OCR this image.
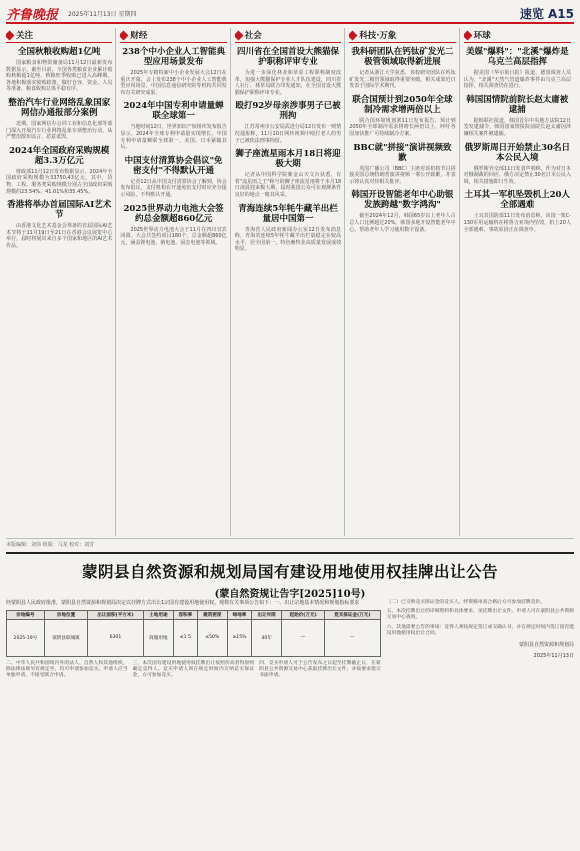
齐鲁晚报 2025年11月13日 星期四	速览 A15
关注
全国秋粮收购超1亿吨
国家粮食和物资储备局11月12日最新发布数据显示，截至目前，全国各类粮食企业累计收购秋粮超1亿吨，秋粮旺季收购已进入高峰期。各地积极落实收购政策，做好仓容、资金、人员等准备，粮食收购总体平稳有序。
整治汽车行业网络乱象国家网信办通报部分案例
近期，国家网信办会同工业和信息化部等部门深入开展汽车行业网络乱象专项整治行动，从严整治散布谣言、恶意诋毁、
2024年全国政府采购规模超3.3万亿元
财政部11月12日发布数据显示，2024年全国政府采购规模为33750.43亿元，其中，货物、工程、服务类采购规模分别占全国政府采购规模的23.54%、41.01%和35.45%。
香港将举办首届国际AI艺术节
由香港文化艺术基金会筹备的首届国际AI艺术节将于11月19日至21日在香港会议展览中心举行，届时将展出来自多个国家和地区的AI艺术作品。
财经
238个中小企业人工智能典型应用场景发布
2025年专精特新中小企业发展大会12日在重庆开幕。会上发布238个中小企业人工智能典型应用场景，中国信息通信研究院等机构共同发布有关研究成果。
2024年中国专利申请量蝉联全球第一
当地时间12日，世界知识产权组织发布报告显示，2024年全球专利申请量实现增长，中国专利申请量蝉联全球第一，美国、日本紧随其后。
中国支付清算协会倡议"免密支付"不得默认开通
记者12日从中国支付清算协会了解到，协会发布倡议，支付机构在开通免密支付时应充分提示风险，不得默认开通。
2025世界动力电池大会签约总金额超860亿元
2025世界动力电池大会于11月在四川宜宾闭幕。大会共签约项目180个，总金额超860亿元，涵盖锂电池、钠电池、固态电池等领域。
社会
四川省在全国首设大熊猫保护职称评审专业
为进一步深化林业和草原工程职称制度改革，加强大熊猫保护专业人才队伍建设，四川省人社厅、林草局联合印发通知，在全国首设大熊猫保护职称评审专业。
殴打92岁母亲涉事男子已被刑拘
江苏常州市公安局武进分局12日发布一则情况通报称，11月10日网传视频中殴打老人的男子已被依法刑事拘留。
狮子座流星雨本月18日将迎极大期
记者从中国科学院紫金山天文台获悉，有着"流星雨之王"称号的狮子座流星雨将于本月18日凌晨迎来极大期，届时我国公众可在观测条件良好的地点一睹其风采。
青海连续5年牦牛藏羊出栏量居中国第一
青海省人民政府新闻办公室12日发布消息称，青海省连续5年牦牛藏羊出栏量稳定在较高水平，居全国第一，特色畜牧业高质量发展成效明显。
科技·万象
我科研团队在钙钛矿发光二极管领域取得新进展
记者从浙江大学获悉，该校研究团队在钙钛矿发光二极管领域取得重要突破，相关成果近日发表于国际学术期刊。
联合国预计到2050年全球制冷需求增两倍以上
联合国环境规划署11日发布报告，预计到2050年全球制冷需求将增长两倍以上，呼吁各国加快推广可持续制冷方案。
BBC就"拼接"演讲视频致歉
英国广播公司（BBC）主席对该机构节目拼接美国总统特朗普演讲视频一事公开致歉，并表示将认真对待相关批评。
韩国开设智能老年中心助银发族跨越"数字鸿沟"
截至2024年12月，韩国65岁以上老年人占总人口比例超过20%，韩国多地开设智能老年中心，帮助老年人学习使用数字设备。
环球
美媒"爆料"："北溪"爆炸是乌克兰高层指挥
据美国《华尔街日报》报道，德国调查人员认为，"北溪"天然气管道爆炸事件由乌克兰高层指挥，相关调查仍在进行。
韩国国情院前院长赵太庸被逮捕
据韩联社报道，韩国首尔中央地方法院12日签发逮捕令，韩国国家情报院前院长赵太庸因涉嫌相关案件被逮捕。
俄罗斯周日开始禁止30名日本公民入境
俄罗斯外交部11日发表声明称，作为对日本对俄制裁的回应，俄方决定禁止30名日本公民入境，相关措施即日生效。
土耳其一军机坠毁机上20人全部遇难
土耳其国防部11日发布消息称，该国一架C-130军用运输机在格鲁吉亚境内坠毁，机上20人全部遇难，事故原因正在调查中。
本版编辑：刘伟 组版：马龙 校对：刘芳
蒙阴县自然资源和规划局国有建设用地使用权挂牌出让公告
(蒙自然资规让告字[2025]10号)
经蒙阴县人民政府批准，蒙阴县自然资源和规划局决定以挂牌方式出让1宗国有建设用地使用权。现将有关事项公告如下：一、出让宗地基本情况和规划指标要求
宗地编号	宗地位置	出让面积(平方米)	土地用途	容积率	建筑密度	绿地率	出让年限	起始价(万元)	竞买保证金(万元)
2025-19号	蒙阴县联城镇	6301	商服用地	≤1.5	≤50%	≥15%	40年	—	—
二、中华人民共和国境内外的法人、自然人和其他组织，除法律法规另有规定外，均可申请参加竞买。申请人应当单独申请，不接受联合申请。
三、本次国有建设用地使用权挂牌出让按照价高者得原则确定竞得人。竞买申请人须在规定时间内交纳竞买保证金，方可参加竞买。
四、竞买申请人可于公告发布之日起至挂牌截止日，在蒙阴县公共资源交易中心获取挂牌出让文件，并按要求提交书面申请。
（二）已交纳竞买保证金的竞买人，经资格审查合格后方可参加挂牌竞价。
五、本次挂牌出让的详细资料和具体要求，见挂牌出让文件。申请人可在蒙阴县公共资源交易中心查询。
六、其他需要公告的事项：竞得人须按规定签订成交确认书，并在规定时间内签订国有建设用地使用权出让合同。
蒙阴县自然资源和规划局
2025年11月13日
